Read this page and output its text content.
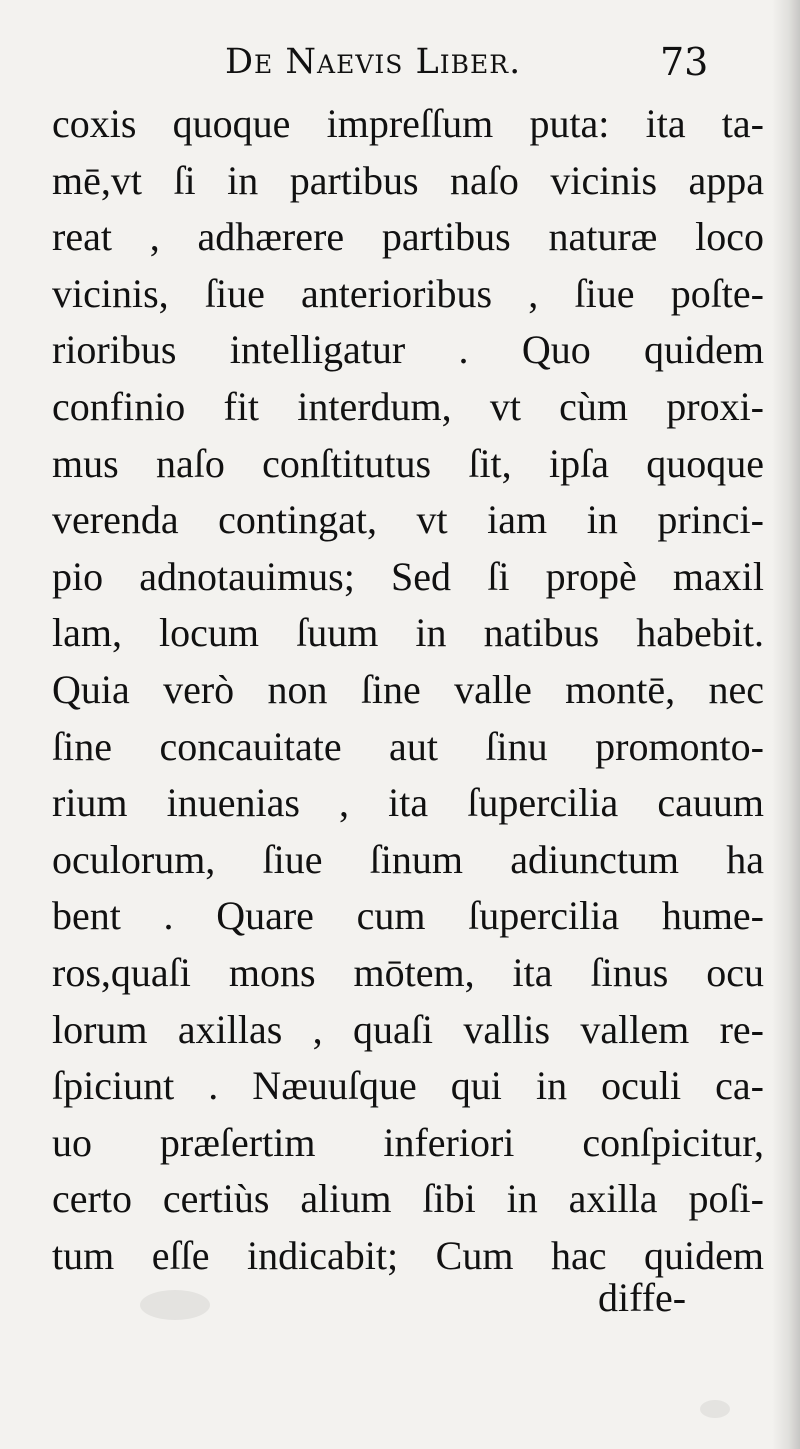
De Naevis Liber.	73
coxis quoque impreſſum puta: ita ta-
mē,vt ſi in partibus naſo vicinis appa
reat , adhærere partibus naturæ loco
vicinis, ſiue anterioribus , ſiue poſte-
rioribus intelligatur . Quo quidem
confinio fit interdum, vt cùm proxi-
mus naſo conſtitutus ſit, ipſa quoque
verenda contingat, vt iam in princi-
pio adnotauimus; Sed ſi propè maxil
lam, locum ſuum in natibus habebit.
Quia verò non ſine valle montē, nec
ſine concauitate aut ſinu promonto-
rium inuenias , ita ſupercilia cauum
oculorum, ſiue ſinum adiunctum ha
bent . Quare cum ſupercilia hume-
ros,quaſi mons mōtem, ita ſinus ocu
lorum axillas , quaſi vallis vallem re-
ſpiciunt . Næuuſque qui in oculi ca-
uo præſertim inferiori conſpicitur,
certo certiùs alium ſibi in axilla poſi-
tum eſſe indicabit; Cum hac quidem
diffe-
